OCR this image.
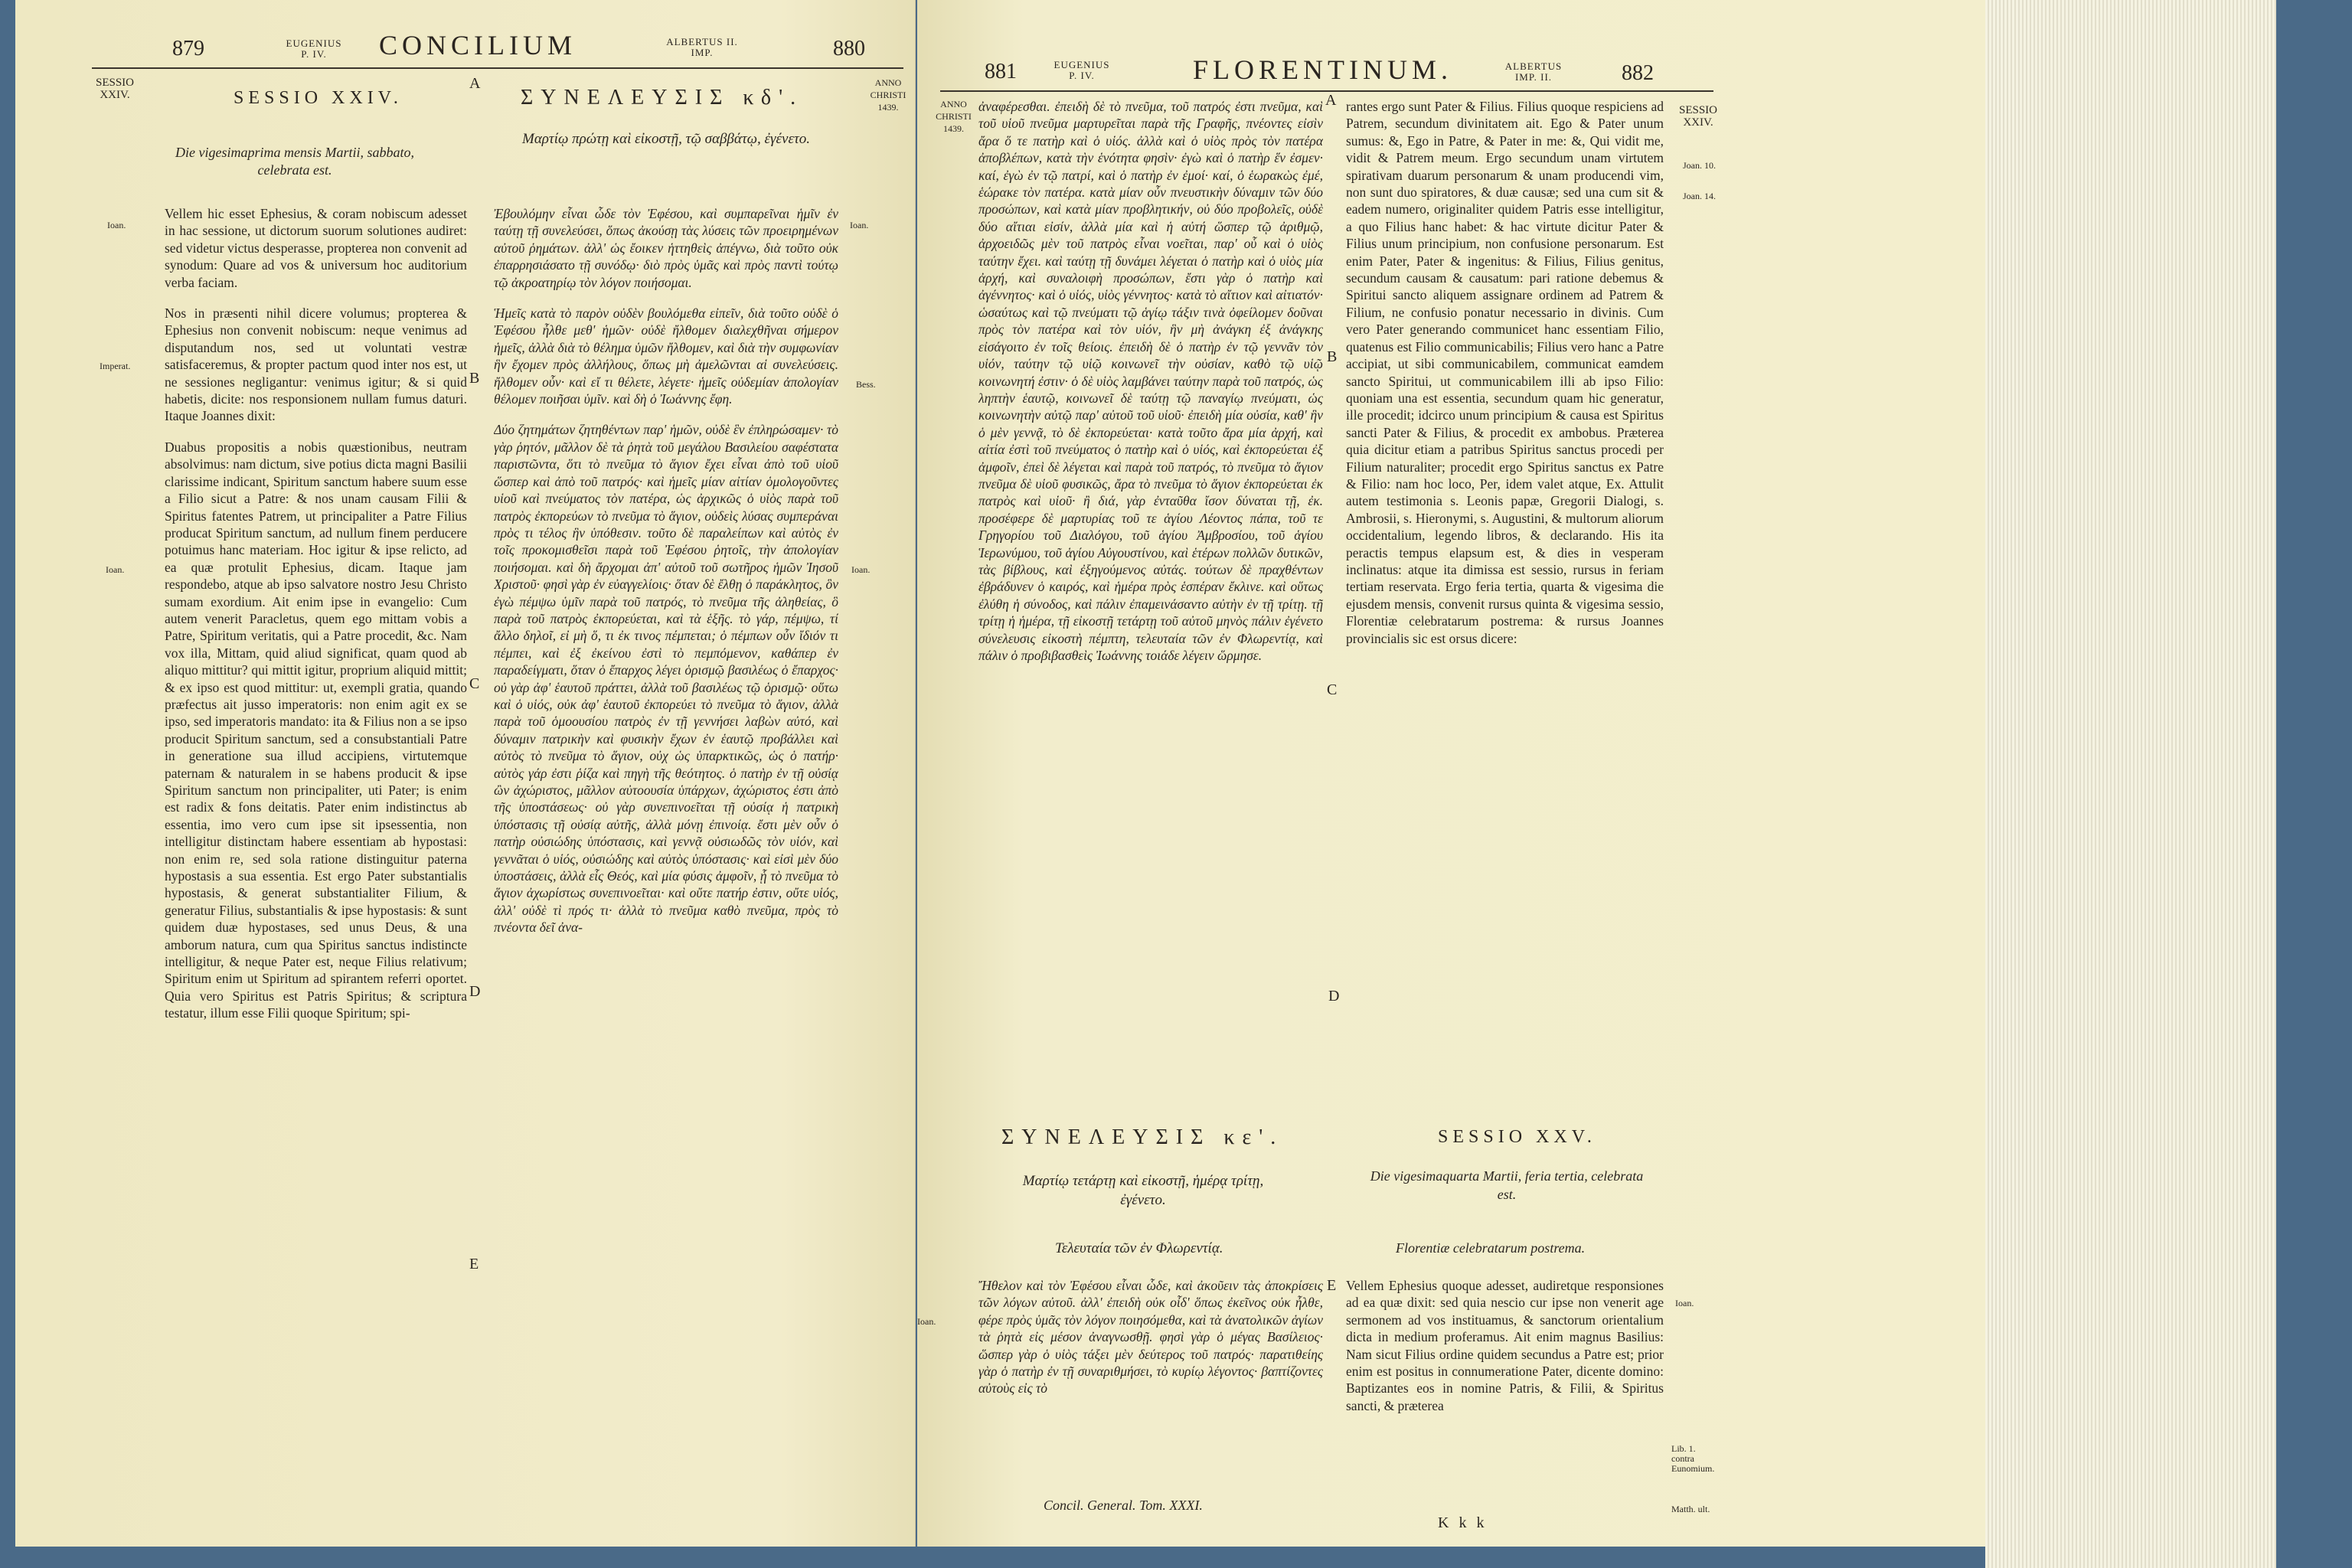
879	EUGENIUS
P. IV.	CONCILIUM	ALBERTUS II.
IMP.	880
SESSIO
XXIV.
ANNO
CHRISTI
1439.
A
B
C
D
E
SESSIO XXIV.
Die vigesimaprima mensis Martii, sabbato, celebrata est.
ΣΥΝΕΛΕΥΣΙΣ κδ'.
Μαρτίῳ πρώτῃ καὶ εἰκοστῇ, τῷ σαββάτῳ, ἐγένετο.
Ioan.
Imperat.
Ioan.
Ioan.
Bess.
Ioan.

Vellem hic esset Ephesius, & coram nobiscum adesset in hac sessione, ut dictorum suorum solutiones audiret: sed videtur victus desperasse, propterea non convenit ad synodum: Quare ad vos & universum hoc auditorium verba faciam.

Nos in præsenti nihil dicere volumus; propterea & Ephesius non convenit nobiscum: neque venimus ad disputandum nos, sed ut voluntati vestræ satisfaceremus, & propter pactum quod inter nos est, ut ne sessiones negligantur: venimus igitur; & si quid habetis, dicite: nos responsionem nullam fumus daturi. Itaque Joannes dixit:

Duabus propositis a nobis quæstionibus, neutram absolvimus: nam dictum, sive potius dicta magni Basilii clarissime indicant, Spiritum sanctum habere suum esse a Filio sicut a Patre: & nos unam causam Filii & Spiritus fatentes Patrem, ut principaliter a Patre Filius producat Spiritum sanctum, ad nullum finem perducere potuimus hanc materiam. Hoc igitur & ipse relicto, ad ea quæ protulit Ephesius, dicam. Itaque jam respondebo, atque ab ipso salvatore nostro Jesu Christo sumam exordium. Ait enim ipse in evangelio: Cum autem venerit Paracletus, quem ego mittam vobis a Patre, Spiritum veritatis, qui a Patre procedit, &c. Nam vox illa, Mittam, quid aliud significat, quam quod ab aliquo mittitur? qui mittit igitur, proprium aliquid mittit; & ex ipso est quod mittitur: ut, exempli gratia, quando præfectus ait jusso imperatoris: non enim agit ex se ipso, sed imperatoris mandato: ita & Filius non a se ipso producit Spiritum sanctum, sed a consubstantiali Patre in generatione sua illud accipiens, virtutemque paternam & naturalem in se habens producit & ipse Spiritum sanctum non principaliter, uti Pater; is enim est radix & fons deitatis. Pater enim indistinctus ab essentia, imo vero cum ipse sit ipsessentia, non intelligitur distinctam habere essentiam ab hypostasi: non enim re, sed sola ratione distinguitur paterna hypostasis a sua essentia. Est ergo Pater substantialis hypostasis, & generat substantialiter Filium, & generatur Filius, substantialis & ipse hypostasis: & sunt quidem duæ hypostases, sed unus Deus, & una amborum natura, cum qua Spiritus sanctus indistincte intelligitur, & neque Pater est, neque Filius relativum; Spiritum enim ut Spiritum ad spirantem referri oportet. Quia vero Spiritus est Patris Spiritus; & scriptura testatur, illum esse Filii quoque Spiritum; spi-

Ἐβουλόμην εἶναι ὧδε τὸν Ἐφέσου, καὶ συμπαρεῖναι ἡμῖν ἐν ταύτῃ τῇ συνελεύσει, ὅπως ἀκούσῃ τὰς λύσεις τῶν προειρημένων αὐτοῦ ῥημάτων. ἀλλ' ὡς ἔοικεν ἡττηθεὶς ἀπέγνω, διὰ τοῦτο οὐκ ἐπαρρησιάσατο τῇ συνόδῳ· διὸ πρὸς ὑμᾶς καὶ πρὸς παντὶ τούτῳ τῷ ἀκροατηρίῳ τὸν λόγον ποιήσομαι.

Ἡμεῖς κατὰ τὸ παρὸν οὐδὲν βουλόμεθα εἰπεῖν, διὰ τοῦτο οὐδὲ ὁ Ἐφέσου ἦλθε μεθ' ἡμῶν· οὐδὲ ἤλθομεν διαλεχθῆναι σήμερον ἡμεῖς, ἀλλὰ διὰ τὸ θέλημα ὑμῶν ἤλθομεν, καὶ διὰ τὴν συμφωνίαν ἣν ἔχομεν πρὸς ἀλλήλους, ὅπως μὴ ἀμελῶνται αἱ συνελεύσεις. ἤλθομεν οὖν· καὶ εἴ τι θέλετε, λέγετε· ἡμεῖς οὐδεμίαν ἀπολογίαν θέλομεν ποιῆσαι ὑμῖν. καὶ δὴ ὁ Ἰωάννης ἔφη.

Δύο ζητημάτων ζητηθέντων παρ' ἡμῶν, οὐδὲ ἓν ἐπληρώσαμεν· τὸ γὰρ ῥητόν, μᾶλλον δὲ τὰ ῥητὰ τοῦ μεγάλου Βασιλείου σαφέστατα παριστῶντα, ὅτι τὸ πνεῦμα τὸ ἅγιον ἔχει εἶναι ἀπὸ τοῦ υἱοῦ ὥσπερ καὶ ἀπὸ τοῦ πατρός· καὶ ἡμεῖς μίαν αἰτίαν ὁμολογοῦντες υἱοῦ καὶ πνεύματος τὸν πατέρα, ὡς ἀρχικῶς ὁ υἱὸς παρὰ τοῦ πατρὸς ἐκπορεύων τὸ πνεῦμα τὸ ἅγιον, οὐδεὶς λύσας συμπεράναι πρὸς τι τέλος ἣν ὑπόθεσιν. τοῦτο δὲ παραλείπων καὶ αὐτὸς ἐν τοῖς προκομισθεῖσι παρὰ τοῦ Ἐφέσου ῥητοῖς, τὴν ἀπολογίαν ποιήσομαι. καὶ δὴ ἄρχομαι ἀπ' αὐτοῦ τοῦ σωτῆρος ἡμῶν Ἰησοῦ Χριστοῦ· φησὶ γὰρ ἐν εὐαγγελίοις· ὅταν δὲ ἔλθῃ ὁ παράκλητος, ὃν ἐγὼ πέμψω ὑμῖν παρὰ τοῦ πατρός, τὸ πνεῦμα τῆς ἀληθείας, ὃ παρὰ τοῦ πατρὸς ἐκπορεύεται, καὶ τὰ ἑξῆς. τὸ γάρ, πέμψω, τί ἄλλο δηλοῖ, εἰ μὴ ὅ, τι ἐκ τινος πέμπεται; ὁ πέμπων οὖν ἴδιόν τι πέμπει, καὶ ἐξ ἐκείνου ἐστὶ τὸ πεμπόμενον, καθάπερ ἐν παραδείγματι, ὅταν ὁ ἔπαρχος λέγει ὁρισμῷ βασιλέως ὁ ἔπαρχος· οὐ γὰρ ἀφ' ἑαυτοῦ πράττει, ἀλλὰ τοῦ βασιλέως τῷ ὁρισμῷ· οὕτω καὶ ὁ υἱός, οὐκ ἀφ' ἑαυτοῦ ἐκπορεύει τὸ πνεῦμα τὸ ἅγιον, ἀλλὰ παρὰ τοῦ ὁμοουσίου πατρὸς ἐν τῇ γεννήσει λαβὼν αὐτό, καὶ δύναμιν πατρικὴν καὶ φυσικὴν ἔχων ἐν ἑαυτῷ προβάλλει καὶ αὐτὸς τὸ πνεῦμα τὸ ἅγιον, οὐχ ὡς ὑπαρκτικῶς, ὡς ὁ πατήρ· αὐτὸς γάρ ἐστι ῥίζα καὶ πηγὴ τῆς θεότητος. ὁ πατὴρ ἐν τῇ οὐσίᾳ ὢν ἀχώριστος, μᾶλλον αὐτοουσία ὑπάρχων, ἀχώριστος ἐστι ἀπὸ τῆς ὑποστάσεως· οὐ γὰρ συνεπινοεῖται τῇ οὐσίᾳ ἡ πατρικὴ ὑπόστασις τῇ οὐσίᾳ αὐτῆς, ἀλλὰ μόνῃ ἐπινοίᾳ. ἔστι μὲν οὖν ὁ πατὴρ οὐσιώδης ὑπόστασις, καὶ γεννᾷ οὐσιωδῶς τὸν υἱόν, καὶ γεννᾶται ὁ υἱός, οὐσιώδης καὶ αὐτὸς ὑπόστασις· καὶ εἰσὶ μὲν δύο ὑποστάσεις, ἀλλὰ εἷς Θεός, καὶ μία φύσις ἀμφοῖν, ᾗ τὸ πνεῦμα τὸ ἅγιον ἀχωρίστως συνεπινοεῖται· καὶ οὔτε πατήρ ἐστιν, οὔτε υἱός, ἀλλ' οὐδὲ τὶ πρός τι· ἀλλὰ τὸ πνεῦμα καθὸ πνεῦμα, πρὸς τὸ πνέοντα δεῖ ἀνα-

881	EUGENIUS
P. IV.	FLORENTINUM.	ALBERTUS
IMP. II.	882
ANNO
CHRISTI
1439.
SESSIO
XXIV.
A
B
C
D
E
Joan. 10.
Joan. 14.
Ioan.
Ioan.
Lib. 1. contra Eunomium.
Matth. ult.

ἀναφέρεσθαι. ἐπειδὴ δὲ τὸ πνεῦμα, τοῦ πατρός ἐστι πνεῦμα, καὶ τοῦ υἱοῦ πνεῦμα μαρτυρεῖται παρὰ τῆς Γραφῆς, πνέοντες εἰσὶν ἄρα ὅ τε πατὴρ καὶ ὁ υἱός. ἀλλὰ καὶ ὁ υἱὸς πρὸς τὸν πατέρα ἀποβλέπων, κατὰ τὴν ἑνότητα φησὶν· ἐγὼ καὶ ὁ πατὴρ ἕν ἐσμεν· καί, ἐγὼ ἐν τῷ πατρί, καὶ ὁ πατὴρ ἐν ἐμοί· καί, ὁ ἑωρακὼς ἐμέ, ἑώρακε τὸν πατέρα. κατὰ μίαν οὖν πνευστικὴν δύναμιν τῶν δύο προσώπων, καὶ κατὰ μίαν προβλητικήν, οὐ δύο προβολεῖς, οὐδὲ δύο αἴτιαι εἰσίν, ἀλλὰ μία καὶ ἡ αὐτή ὥσπερ τῷ ἀριθμῷ, ἀρχοειδῶς μὲν τοῦ πατρὸς εἶναι νοεῖται, παρ' οὗ καὶ ὁ υἱὸς ταύτην ἔχει. καὶ ταύτῃ τῇ δυνάμει λέγεται ὁ πατὴρ καὶ ὁ υἱὸς μία ἀρχή, καὶ συναλοιφὴ προσώπων, ἔστι γὰρ ὁ πατὴρ καὶ ἀγέννητος· καὶ ὁ υἱός, υἱὸς γέννητος· κατὰ τὸ αἴτιον καὶ αἰτιατόν· ὡσαύτως καὶ τῷ πνεύματι τῷ ἁγίῳ τάξιν τινὰ ὀφείλομεν δοῦναι πρὸς τὸν πατέρα καὶ τὸν υἱόν, ἣν μὴ ἀνάγκη ἐξ ἀνάγκης εἰσάγοιτο ἐν τοῖς θείοις. ἐπειδὴ δὲ ὁ πατὴρ ἐν τῷ γεννᾶν τὸν υἱόν, ταύτην τῷ υἱῷ κοινωνεῖ τὴν οὐσίαν, καθὸ τῷ υἱῷ κοινωνητή ἐστιν· ὁ δὲ υἱὸς λαμβάνει ταύτην παρὰ τοῦ πατρός, ὡς ληπτὴν ἑαυτῷ, κοινωνεῖ δὲ ταύτῃ τῷ παναγίῳ πνεύματι, ὡς κοινωνητὴν αὐτῷ παρ' αὐτοῦ τοῦ υἱοῦ· ἐπειδὴ μία οὐσία, καθ' ἣν ὁ μὲν γεννᾷ, τὸ δὲ ἐκπορεύεται· κατὰ τοῦτο ἄρα μία ἀρχή, καὶ αἰτία ἐστὶ τοῦ πνεύματος ὁ πατὴρ καὶ ὁ υἱός, καὶ ἐκπορεύεται ἐξ ἀμφοῖν, ἐπεὶ δὲ λέγεται καὶ παρὰ τοῦ πατρός, τὸ πνεῦμα τὸ ἅγιον πνεῦμα δὲ υἱοῦ φυσικῶς, ἄρα τὸ πνεῦμα τὸ ἅγιον ἐκπορεύεται ἐκ πατρὸς καὶ υἱοῦ· ἢ διά, γὰρ ἐνταῦθα ἴσον δύναται τῇ, ἐκ. προσέφερε δὲ μαρτυρίας τοῦ τε ἁγίου Λέοντος πάπα, τοῦ τε Γρηγορίου τοῦ Διαλόγου, τοῦ ἁγίου Ἀμβροσίου, τοῦ ἁγίου Ἱερωνύμου, τοῦ ἁγίου Αὐγουστίνου, καὶ ἑτέρων πολλῶν δυτικῶν, τὰς βίβλους, καὶ ἐξηγούμενος αὐτάς. τούτων δὲ πραχθέντων ἐβράδυνεν ὁ καιρός, καὶ ἡμέρα πρὸς ἑσπέραν ἔκλινε. καὶ οὕτως ἐλύθη ἡ σύνοδος, καὶ πάλιν ἐπαμεινάσαντο αὐτὴν ἐν τῇ τρίτῃ. τῇ τρίτῃ ἡ ἡμέρα, τῇ εἰκοστῇ τετάρτῃ τοῦ αὐτοῦ μηνὸς πάλιν ἐγένετο σύνελευσις εἰκοστὴ πέμπτη, τελευταία τῶν ἐν Φλωρεντίᾳ, καὶ πάλιν ὁ προβιβασθεὶς Ἰωάννης τοιάδε λέγειν ὥρμησε.

rantes ergo sunt Pater & Filius. Filius quoque respiciens ad Patrem, secundum divinitatem ait. Ego & Pater unum sumus: &, Ego in Patre, & Pater in me: &, Qui vidit me, vidit & Patrem meum. Ergo secundum unam virtutem spirativam duarum personarum & unam producendi vim, non sunt duo spiratores, & duæ causæ; sed una cum sit & eadem numero, originaliter quidem Patris esse intelligitur, a quo Filius hanc habet: & hac virtute dicitur Pater & Filius unum principium, non confusione personarum. Est enim Pater, Pater & ingenitus: & Filius, Filius genitus, secundum causam & causatum: pari ratione debemus & Spiritui sancto aliquem assignare ordinem ad Patrem & Filium, ne confusio ponatur necessario in divinis. Cum vero Pater generando communicet hanc essentiam Filio, quatenus est Filio communicabilis; Filius vero hanc a Patre accipiat, ut sibi communicabilem, communicat eamdem sancto Spiritui, ut communicabilem illi ab ipso Filio: quoniam una est essentia, secundum quam hic generatur, ille procedit; idcirco unum principium & causa est Spiritus sancti Pater & Filius, & procedit ex ambobus. Præterea quia dicitur etiam a patribus Spiritus sanctus procedi per Filium naturaliter; procedit ergo Spiritus sanctus ex Patre & Filio: nam hoc loco, Per, idem valet atque, Ex. Attulit autem testimonia s. Leonis papæ, Gregorii Dialogi, s. Ambrosii, s. Hieronymi, s. Augustini, & multorum aliorum occidentalium, legendo libros, & declarando. His ita peractis tempus elapsum est, & dies in vesperam inclinatus: atque ita dimissa est sessio, rursus in feriam tertiam reservata. Ergo feria tertia, quarta & vigesima die ejusdem mensis, convenit rursus quinta & vigesima sessio, Florentiæ celebratarum postrema: & rursus Joannes provincialis sic est orsus dicere:

ΣΥΝΕΛΕΥΣΙΣ κε'.
Μαρτίῳ τετάρτῃ καὶ εἰκοστῇ, ἡμέρᾳ τρίτῃ, ἐγένετο.
Τελευταία τῶν ἐν Φλωρεντίᾳ.
SESSIO XXV.
Die vigesimaquarta Martii, feria tertia, celebrata est.
Florentiæ celebratarum postrema.

Ἤθελον καὶ τὸν Ἐφέσου εἶναι ὧδε, καὶ ἀκοῦειν τὰς ἀποκρίσεις τῶν λόγων αὐτοῦ. ἀλλ' ἐπειδὴ οὐκ οἶδ' ὅπως ἐκεῖνος οὐκ ἦλθε, φέρε πρὸς ὑμᾶς τὸν λόγον ποιησόμεθα, καὶ τὰ ἀνατολικῶν ἁγίων τὰ ῥητὰ εἰς μέσον ἀναγνωσθῇ. φησὶ γὰρ ὁ μέγας Βασίλειος· ὥσπερ γὰρ ὁ υἱὸς τάξει μὲν δεύτερος τοῦ πατρός· παρατιθείης γὰρ ὁ πατὴρ ἐν τῇ συναριθμήσει, τὸ κυρίῳ λέγοντος· βαπτίζοντες αὐτοὺς εἰς τὸ

Vellem Ephesius quoque adesset, audiretque responsiones ad ea quæ dixit: sed quia nescio cur ipse non venerit age sermonem ad vos instituamus, & sanctorum orientalium dicta in medium proferamus. Ait enim magnus Basilius: Nam sicut Filius ordine quidem secundus a Patre est; prior enim est positus in connumeratione Pater, dicente domino: Baptizantes eos in nomine Patris, & Filii, & Spiritus sancti, & præterea

Concil. General. Tom. XXXI.
K k k
